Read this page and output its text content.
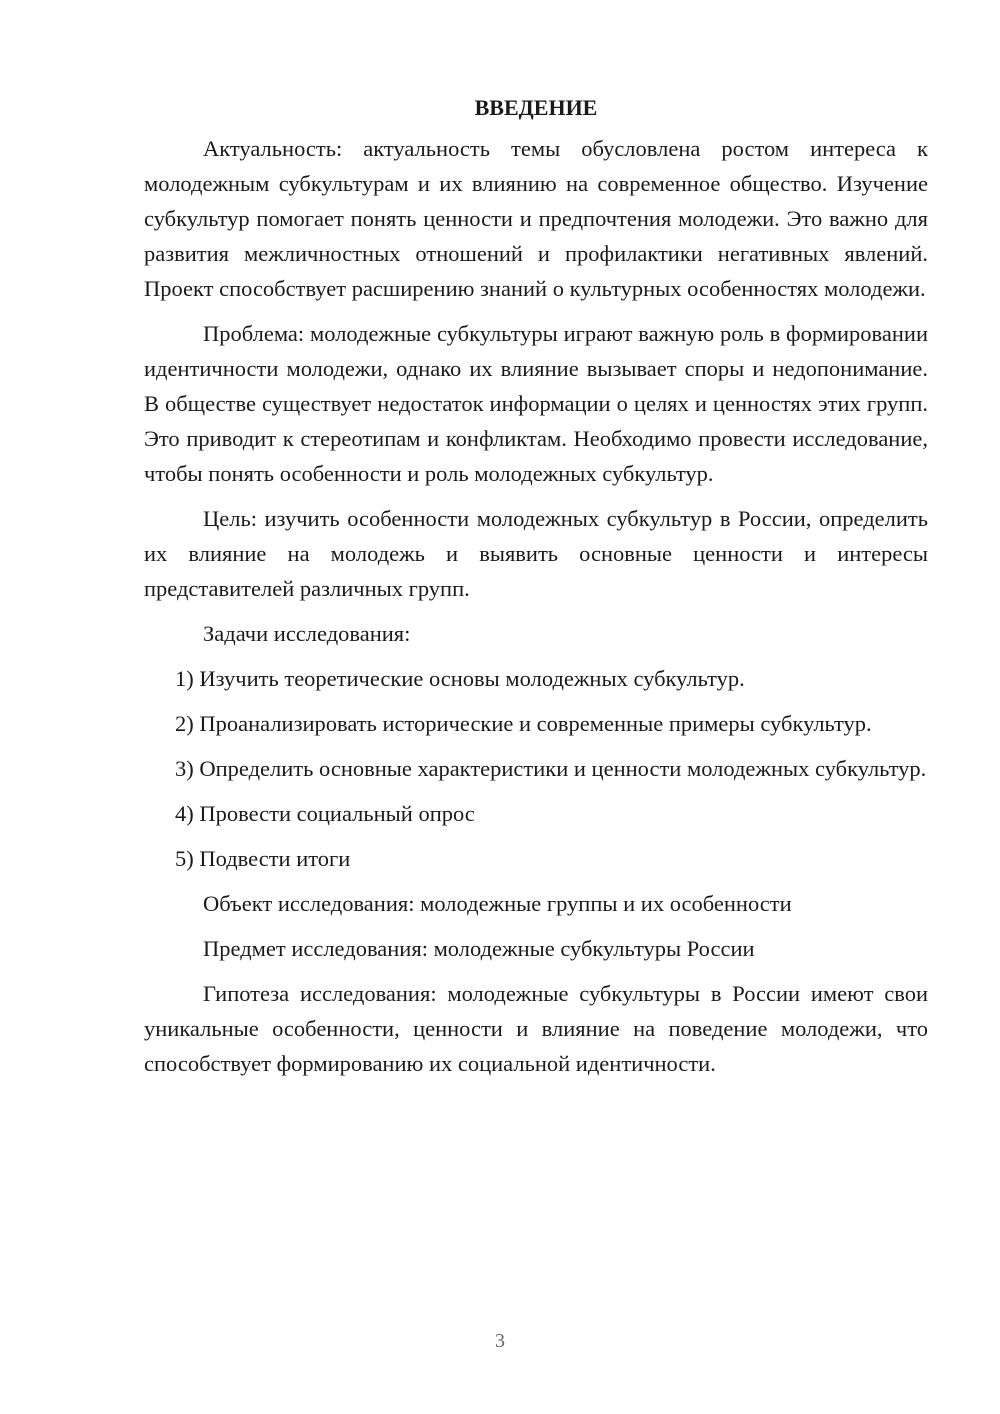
ВВЕДЕНИЕ

Актуальность: актуальность темы обусловлена ростом интереса к молодежным субкультурам и их влиянию на современное общество. Изучение субкультур помогает понять ценности и предпочтения молодежи. Это важно для развития межличностных отношений и профилактики негативных явлений. Проект способствует расширению знаний о культурных особенностях молодежи.

Проблема: молодежные субкультуры играют важную роль в формировании идентичности молодежи, однако их влияние вызывает споры и недопонимание. В обществе существует недостаток информации о целях и ценностях этих групп. Это приводит к стереотипам и конфликтам. Необходимо провести исследование, чтобы понять особенности и роль молодежных субкультур.

Цель: изучить особенности молодежных субкультур в России, определить их влияние на молодежь и выявить основные ценности и интересы представителей различных групп.

Задачи исследования:

1) Изучить теоретические основы молодежных субкультур.

2) Проанализировать исторические и современные примеры субкультур.

3) Определить основные характеристики и ценности молодежных субкультур.

4) Провести социальный опрос

5) Подвести итоги

Объект исследования: молодежные группы и их особенности

Предмет исследования: молодежные субкультуры России

Гипотеза исследования: молодежные субкультуры в России имеют свои уникальные особенности, ценности и влияние на поведение молодежи, что способствует формированию их социальной идентичности.

3
